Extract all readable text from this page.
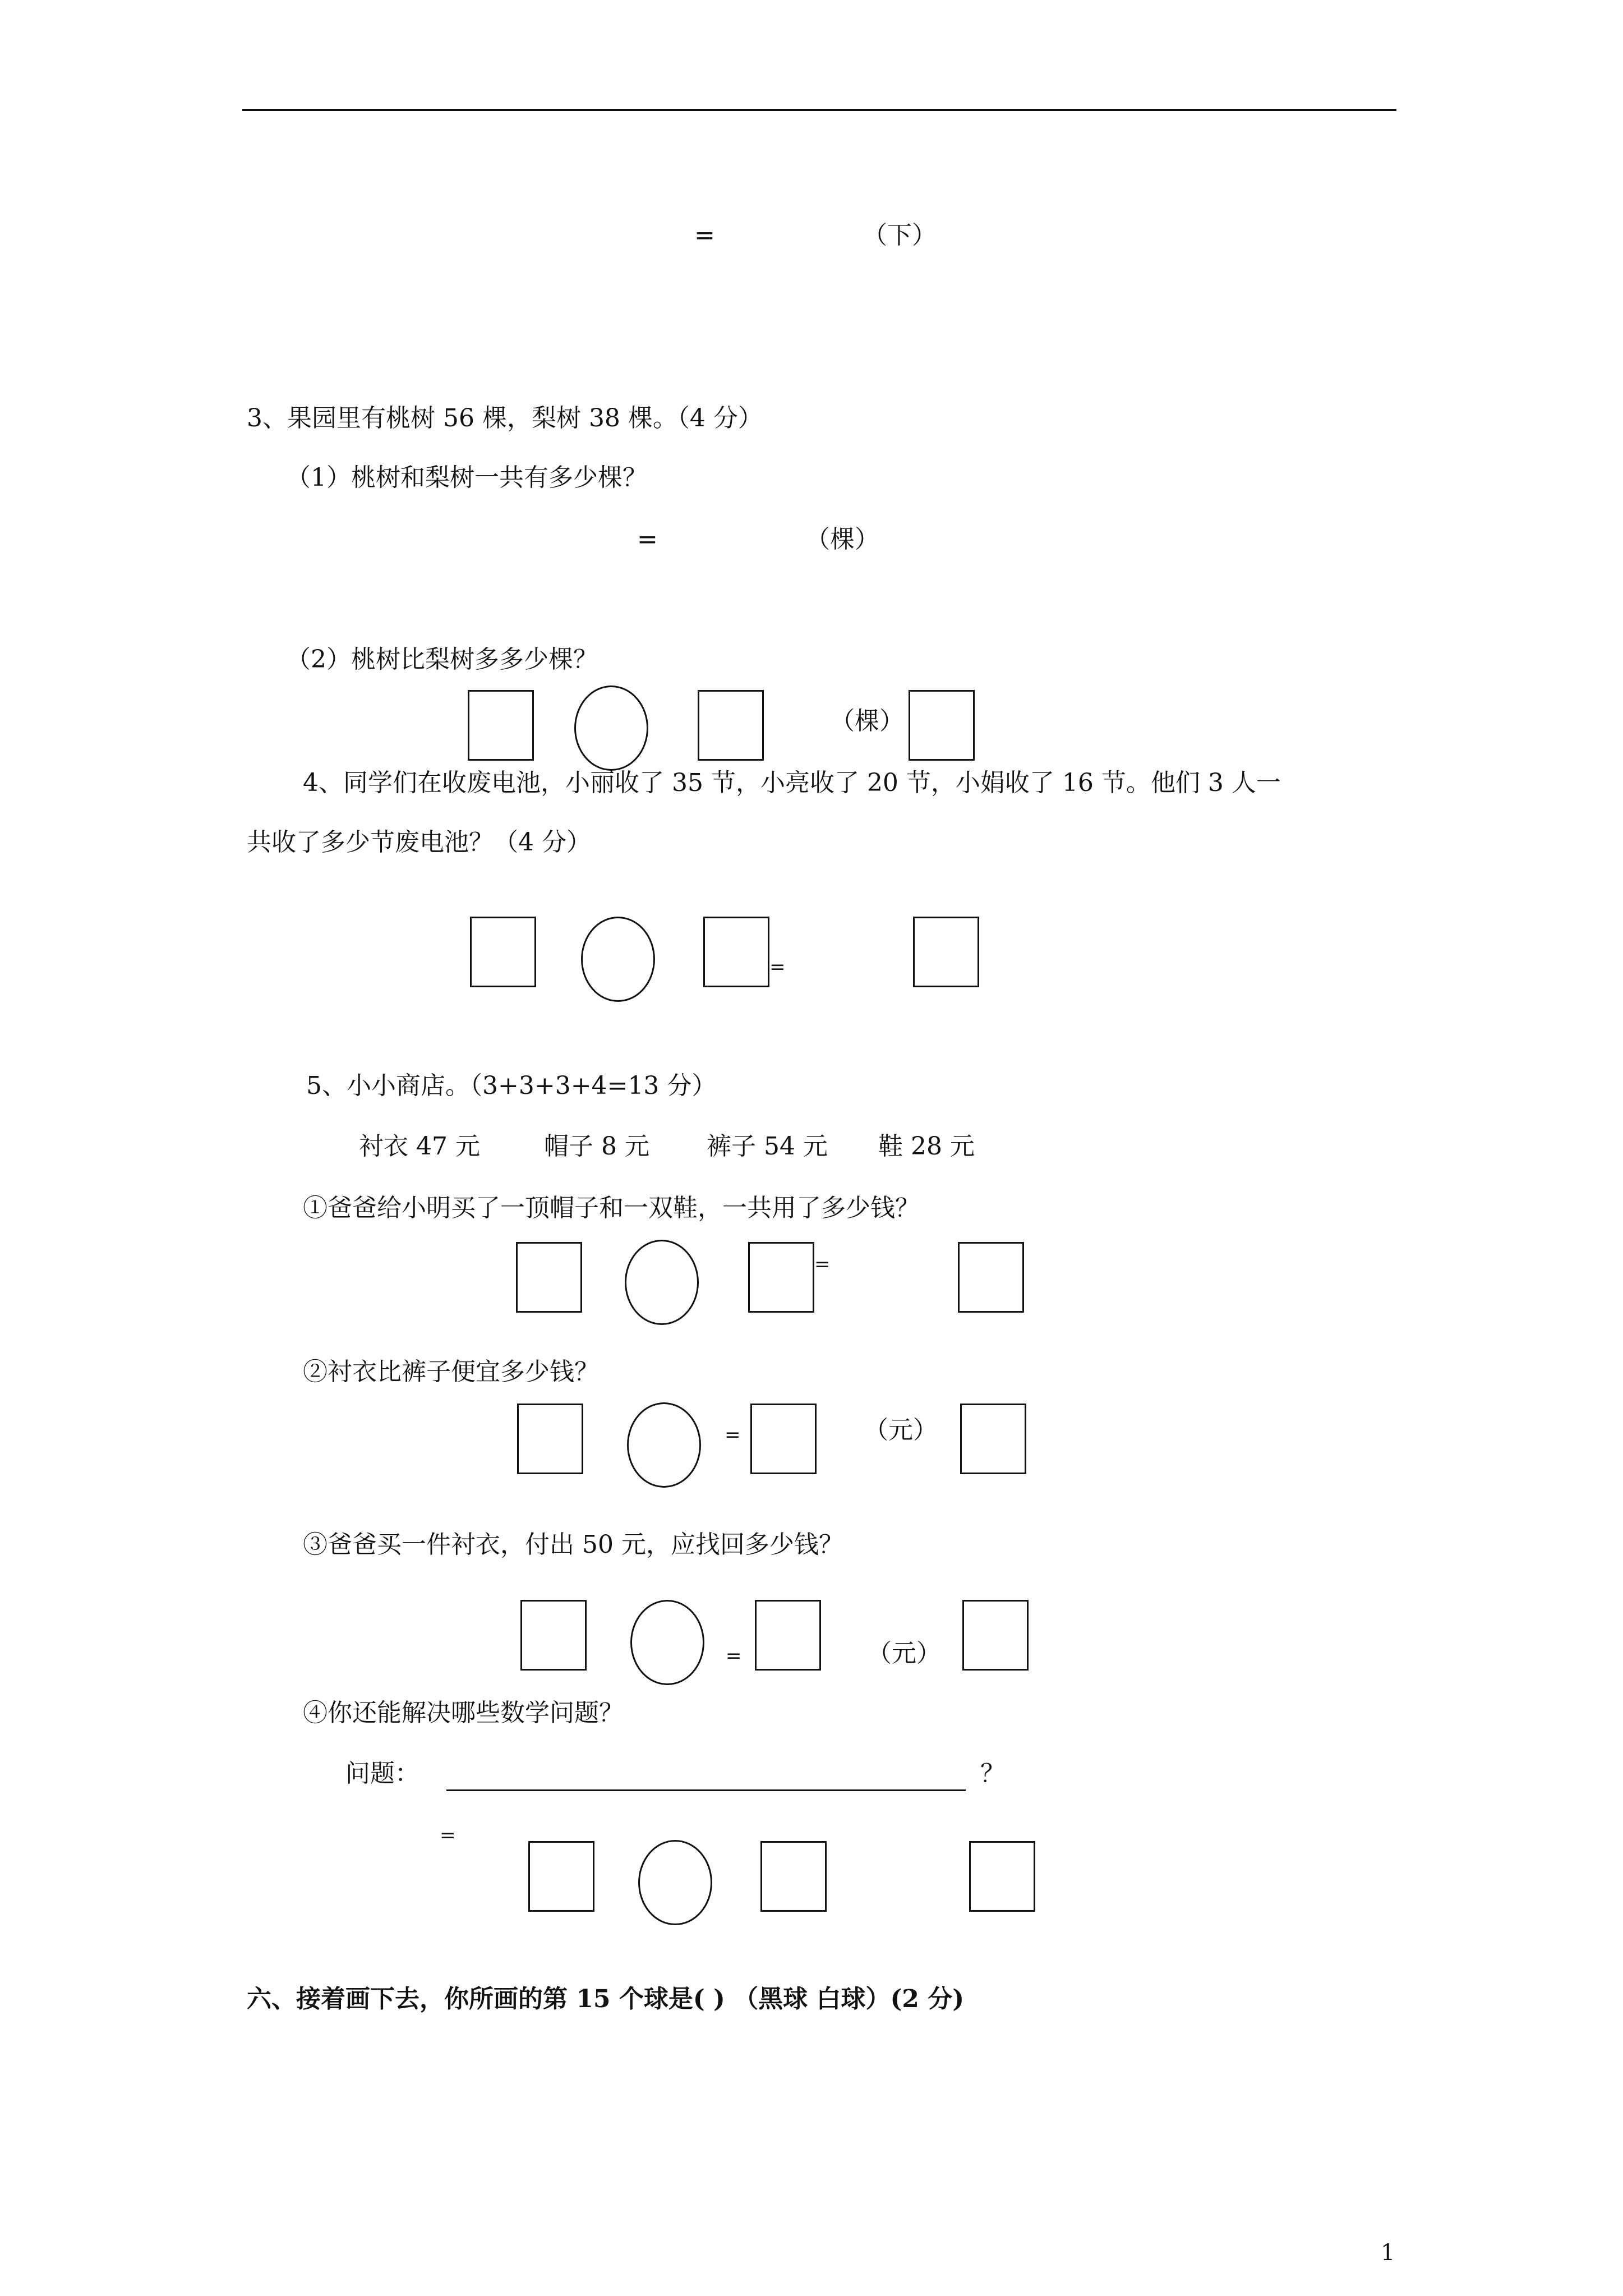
=	（下）
3、果园里有桃树 56 棵，梨树 38 棵。（4 分）
（1）桃树和梨树一共有多少棵？
=	（棵）
（2）桃树比梨树多多少棵？
（棵）
4、同学们在收废电池，小丽收了 35 节，小亮收了 20 节，小娟收了 16 节。他们 3 人一
共收了多少节废电池？（4 分）
=
5、小小商店。（3+3+3+4=13 分）
衬衣 47 元	帽子 8 元 裤子 54 元 鞋 28 元
①爸爸给小明买了一顶帽子和一双鞋，一共用了多少钱？
=
②衬衣比裤子便宜多少钱？
=	（元）
③爸爸买一件衬衣，付出 50 元，应找回多少钱？
=	（元）
④你还能解决哪些数学问题？
问题：	？
=
六、接着画下去，你所画的第 15 个球是( ) （黑球 白球）(2 分)
1
